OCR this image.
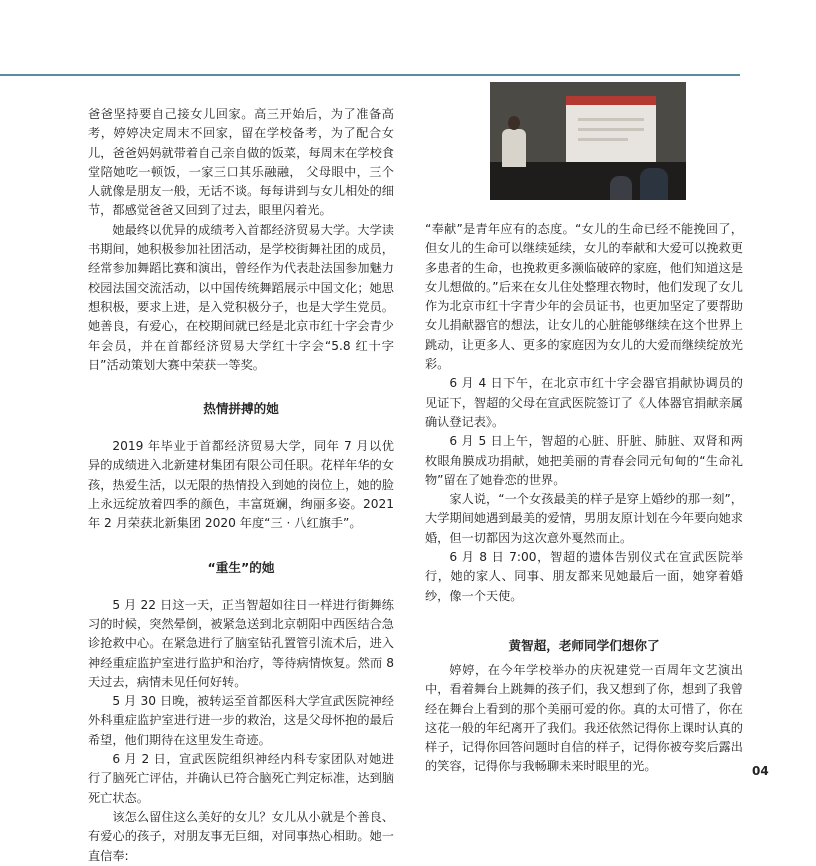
爸爸坚持要自己接女儿回家。高三开始后，为了准备高考，婷婷决定周末不回家，留在学校备考，为了配合女儿，爸爸妈妈就带着自己亲自做的饭菜，每周末在学校食堂陪她吃一顿饭，一家三口其乐融融， 父母眼中，三个人就像是朋友一般，无话不谈。每每讲到与女儿相处的细节，都感觉爸爸又回到了过去，眼里闪着光。

她最终以优异的成绩考入首都经济贸易大学。大学读书期间，她积极参加社团活动，是学校街舞社团的成员，经常参加舞蹈比赛和演出，曾经作为代表赴法国参加魅力校园法国交流活动，以中国传统舞蹈展示中国文化；她思想积极，要求上进，是入党积极分子，也是大学生党员。她善良，有爱心，在校期间就已经是北京市红十字会青少年会员，并在首都经济贸易大学红十字会“5.8 红十字日”活动策划大赛中荣获一等奖。

热情拼搏的她

2019 年毕业于首都经济贸易大学，同年 7 月以优异的成绩进入北新建材集团有限公司任职。花样年华的女孩，热爱生活，以无限的热情投入到她的岗位上，她的脸上永远绽放着四季的颜色，丰富斑斓，绚丽多姿。2021 年 2 月荣获北新集团 2020 年度“三 · 八红旗手”。

“重生”的她

5 月 22 日这一天，正当智超如往日一样进行街舞练习的时候，突然晕倒，被紧急送到北京朝阳中西医结合急诊抢救中心。在紧急进行了脑室钻孔置管引流术后，进入神经重症监护室进行监护和治疗，等待病情恢复。然而 8 天过去，病情未见任何好转。

5 月 30 日晚，被转运至首都医科大学宣武医院神经外科重症监护室进行进一步的救治，这是父母怀抱的最后希望，他们期待在这里发生奇迹。

6 月 2 日，宣武医院组织神经内科专家团队对她进行了脑死亡评估，并确认已符合脑死亡判定标准，达到脑死亡状态。

该怎么留住这么美好的女儿？女儿从小就是个善良、有爱心的孩子，对朋友事无巨细，对同事热心相助。她一直信奉:

“奉献”是青年应有的态度。“女儿的生命已经不能挽回了，但女儿的生命可以继续延续，女儿的奉献和大爱可以挽救更多患者的生命，也挽救更多濒临破碎的家庭，他们知道这是女儿想做的。”后来在女儿住处整理衣物时，他们发现了女儿作为北京市红十字青少年的会员证书，也更加坚定了要帮助女儿捐献器官的想法，让女儿的心脏能够继续在这个世界上跳动，让更多人、更多的家庭因为女儿的大爱而继续绽放光彩。

6 月 4 日下午，在北京市红十字会器官捐献协调员的见证下，智超的父母在宣武医院签订了《人体器官捐献亲属确认登记表》。

6 月 5 日上午，智超的心脏、肝脏、肺脏、双肾和两枚眼角膜成功捐献，她把美丽的青春会同元旬甸的“生命礼物”留在了她眷恋的世界。

家人说，“一个女孩最美的样子是穿上婚纱的那一刻”，大学期间她遇到最美的爱情，男朋友原计划在今年要向她求婚，但一切都因为这次意外戛然而止。

6 月 8 日 7:00，智超的遗体告别仪式在宣武医院举行，她的家人、同事、朋友都来见她最后一面，她穿着婚纱，像一个天使。

黄智超，老师同学们想你了

婷婷，在今年学校举办的庆祝建党一百周年文艺演出中，看着舞台上跳舞的孩子们，我又想到了你，想到了我曾经在舞台上看到的那个美丽可爱的你。真的太可惜了，你在这花一般的年纪离开了我们。我还依然记得你上课时认真的样子，记得你回答问题时自信的样子，记得你被夸奖后露出的笑容，记得你与我畅聊未来时眼里的光。	04
